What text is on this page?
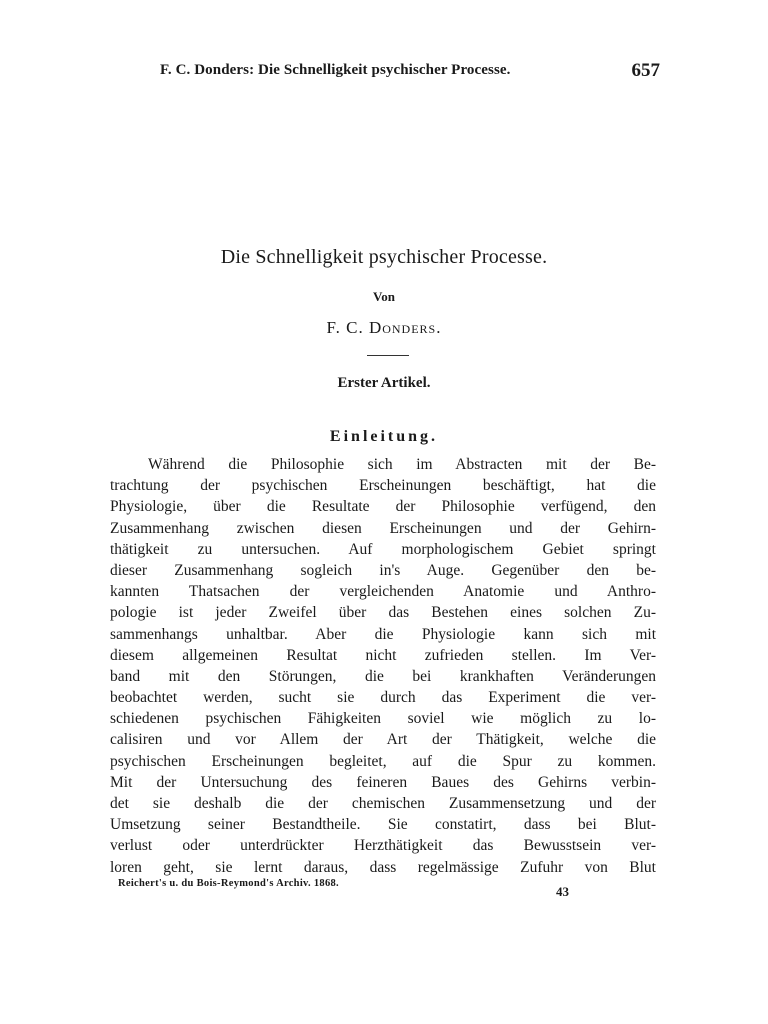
F. C. Donders: Die Schnelligkeit psychischer Processe.	657
Die Schnelligkeit psychischer Processe.
Von
F. C. Donders.
Erster Artikel.
Einleitung.
Während die Philosophie sich im Abstracten mit der Be-
trachtung der psychischen Erscheinungen beschäftigt, hat die
Physiologie, über die Resultate der Philosophie verfügend, den
Zusammenhang zwischen diesen Erscheinungen und der Gehirn-
thätigkeit zu untersuchen. Auf morphologischem Gebiet springt
dieser Zusammenhang sogleich in's Auge. Gegenüber den be-
kannten Thatsachen der vergleichenden Anatomie und Anthro-
pologie ist jeder Zweifel über das Bestehen eines solchen Zu-
sammenhangs unhaltbar. Aber die Physiologie kann sich mit
diesem allgemeinen Resultat nicht zufrieden stellen. Im Ver-
band mit den Störungen, die bei krankhaften Veränderungen
beobachtet werden, sucht sie durch das Experiment die ver-
schiedenen psychischen Fähigkeiten soviel wie möglich zu lo-
calisiren und vor Allem der Art der Thätigkeit, welche die
psychischen Erscheinungen begleitet, auf die Spur zu kommen.
Mit der Untersuchung des feineren Baues des Gehirns verbin-
det sie deshalb die der chemischen Zusammensetzung und der
Umsetzung seiner Bestandtheile. Sie constatirt, dass bei Blut-
verlust oder unterdrückter Herzthätigkeit das Bewusstsein ver-
loren geht, sie lernt daraus, dass regelmässige Zufuhr von Blut
Reichert's u. du Bois-Reymond's Archiv. 1868.
43
